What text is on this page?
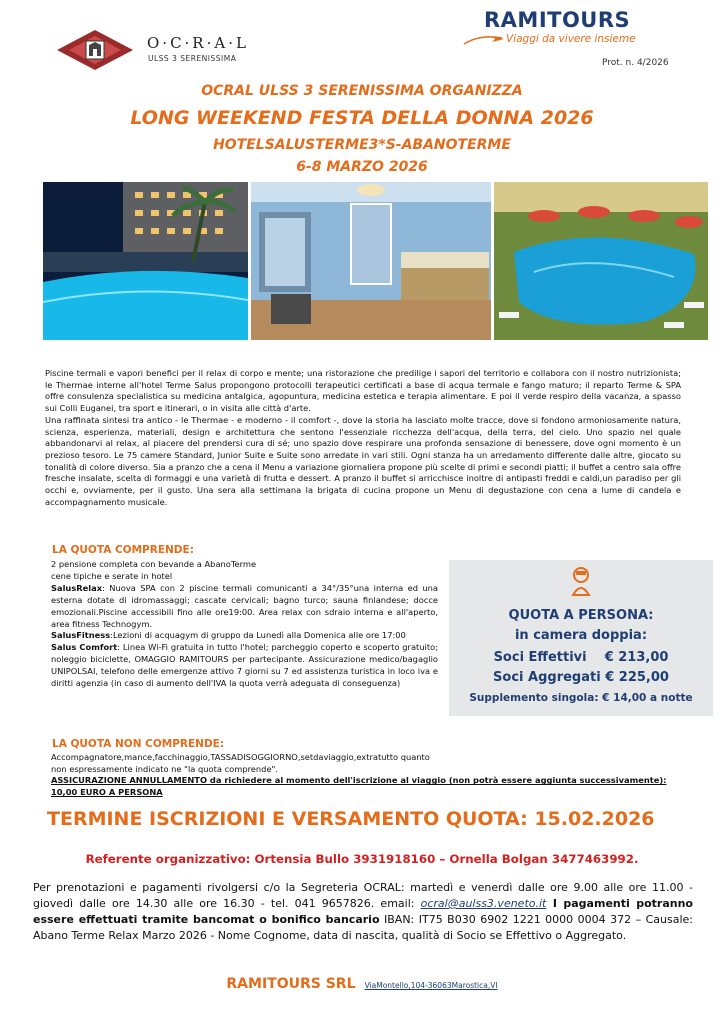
O·C·R·A·L
ULSS 3 SERENISSIMA
RAMITOURS
Viaggi da vivere insieme
Prot. n. 4/2026
OCRAL ULSS 3 SERENISSIMA ORGANIZZA
LONG WEEKEND FESTA DELLA DONNA 2026
HOTELSALUSTERME3*S-ABANOTERME
6-8 MARZO 2026

Piscine termali e vapori benefici per il relax di corpo e mente; una ristorazione che predilige i sapori del territorio e collabora con il nostro nutrizionista; le Thermae interne all'hotel Terme Salus propongono protocolli terapeutici certificati a base di acqua termale e fango maturo; il reparto Terme & SPA offre consulenza specialistica su medicina antalgica, agopuntura, medicina estetica e terapia alimentare. E poi il verde respiro della vacanza, a spasso sui Colli Euganei, tra sport e itinerari, o in visita alle città d'arte.

Una raffinata sintesi tra antico - le Thermae - e moderno - il comfort -, dove la storia ha lasciato molte tracce, dove si fondono armoniosamente natura, scienza, esperienza, materiali, design e architettura che sentono l'essenziale ricchezza dell'acqua, della terra, del cielo. Uno spazio nel quale abbandonarvi al relax, al piacere del prendersi cura di sé; uno spazio dove respirare una profonda sensazione di benessere, dove ogni momento è un prezioso tesoro. Le 75 camere Standard, Junior Suite e Suite sono arredate in vari stili. Ogni stanza ha un arredamento differente dalle altre, giocato su tonalità di colore diverso. Sia a pranzo che a cena il Menu a variazione giornaliera propone più scelte di primi e secondi piatti; il buffet a centro sala offre fresche insalate, scelta di formaggi e una varietà di frutta e dessert. A pranzo il buffet si arricchisce inoltre di antipasti freddi e caldi,un paradiso per gli occhi e, ovviamente, per il gusto. Una sera alla settimana la brigata di cucina propone un Menu di degustazione con cena a lume di candela e accompagnamento musicale.

LA QUOTA COMPRENDE:

2 pensione completa con bevande a AbanoTerme

cene tipiche e serate in hotel

SalusRelax: Nuova SPA con 2 piscine termali comunicanti a 34°/35°una interna ed una esterna dotate di idromassaggi; cascate cervicali; bagno turco; sauna finlandese; docce emozionali.Piscine accessibili fino alle ore19:00. Area relax con sdraio interna e all'aperto, area fitness Technogym.

SalusFitness:Lezioni di acquagym di gruppo da Lunedì alla Domenica alle ore 17:00

Salus Comfort: Linea Wi-Fi gratuita in tutto l'hotel; parcheggio coperto e scoperto gratuito; noleggio biciclette, OMAGGIO RAMITOURS per partecipante. Assicurazione medico/bagaglio UNIPOLSAI, telefono delle emergenze attivo 7 giorni su 7 ed assistenza turistica in loco iva e diritti agenzia (in caso di aumento dell'IVA la quota verrà adeguata di conseguenza)

QUOTA A PERSONA:
in camera doppia:
Soci Effettivi    € 213,00
Soci Aggregati € 225,00
Supplemento singola: € 14,00 a notte
LA QUOTA NON COMPRENDE:

Accompagnatore,mance,facchinaggio,TASSADISOGGIORNO,setdaviaggio,extratutto quanto

non espressamente indicato ne "la quota comprende".

ASSICURAZIONE ANNULLAMENTO da richiedere al momento dell'iscrizione al viaggio (non potrà essere aggiunta successivamente):

10,00 EURO A PERSONA

TERMINE ISCRIZIONI E VERSAMENTO QUOTA: 15.02.2026
Referente organizzativo: Ortensia Bullo 3931918160 – Ornella Bolgan 3477463992.
Per prenotazioni e pagamenti rivolgersi c/o la Segreteria OCRAL: martedì e venerdì dalle ore 9.00 alle ore 11.00 - giovedì dalle ore 14.30 alle ore 16.30 - tel. 041 9657826. email: ocral@aulss3.veneto.it I pagamenti potranno essere effettuati tramite bancomat o bonifico bancario IBAN: IT75 B030 6902 1221 0000 0004 372 – Causale: Abano Terme Relax Marzo 2026 - Nome Cognome, data di nascita, qualità di Socio se Effettivo o Aggregato.
RAMITOURS SRL ViaMontello,104-36063Marostica,VI
